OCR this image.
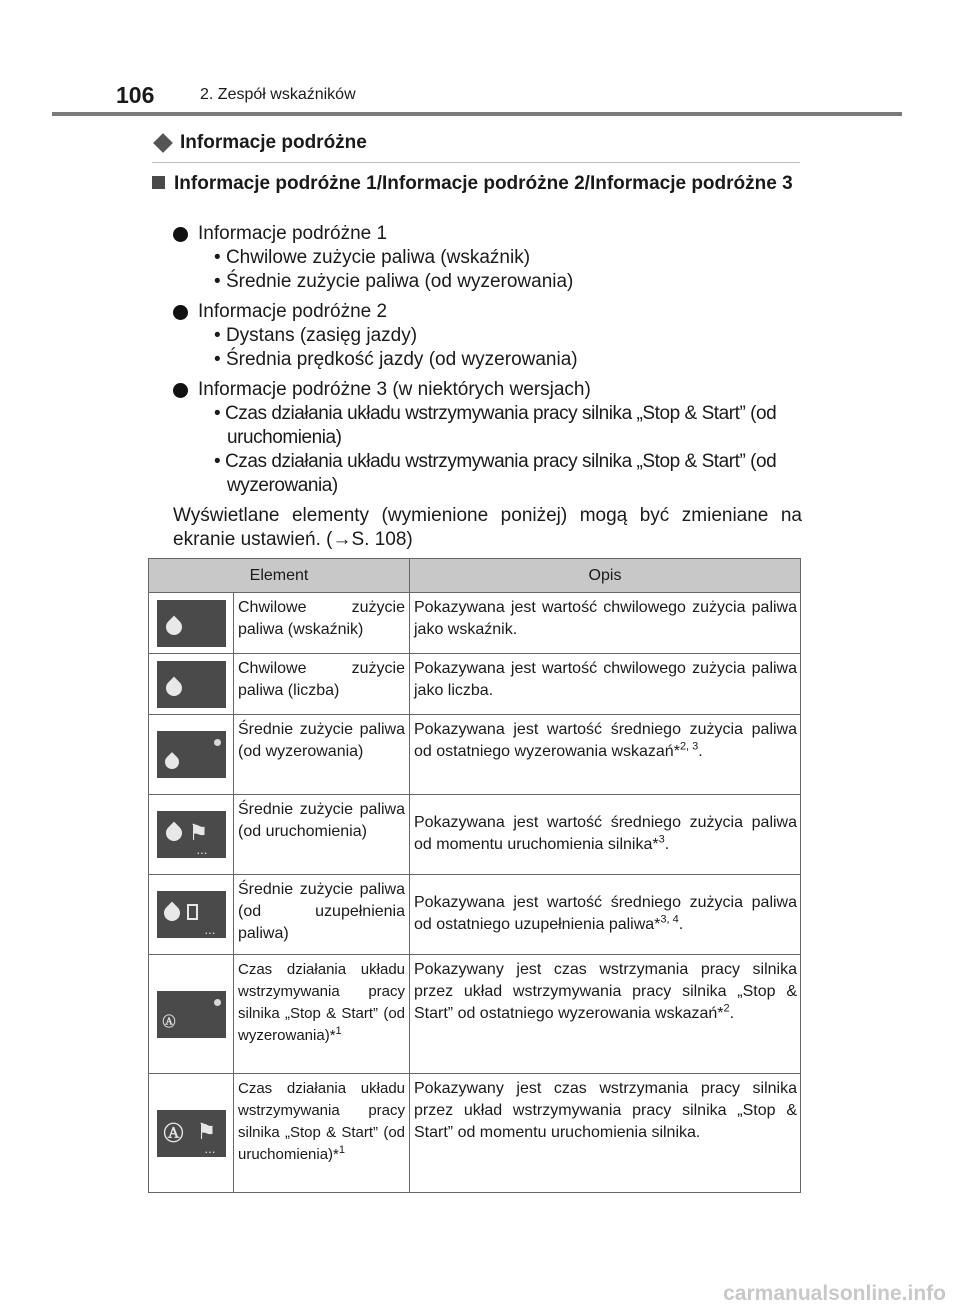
106	2. Zespół wskaźników
Informacje podróżne
Informacje podróżne 1/Informacje podróżne 2/Informacje podróżne 3
Informacje podróżne 1
• Chwilowe zużycie paliwa (wskaźnik)
• Średnie zużycie paliwa (od wyzerowania)
Informacje podróżne 2
• Dystans (zasięg jazdy)
• Średnia prędkość jazdy (od wyzerowania)
Informacje podróżne 3 (w niektórych wersjach)
• Czas działania układu wstrzymywania pracy silnika „Stop & Start” (od uruchomienia)
• Czas działania układu wstrzymywania pracy silnika „Stop & Start” (od wyzerowania)
Wyświetlane elementy (wymienione poniżej) mogą być zmieniane na ekranie ustawień. (→S. 108)
Element		Opis

	Chwilowe zużycie paliwa (wskaźnik)	Pokazywana jest wartość chwilowego zużycia paliwa jako wskaźnik.

	Chwilowe zużycie paliwa (liczba)	Pokazywana jest wartość chwilowego zużycia paliwa jako liczba.

	Średnie zużycie paliwa (od wyzerowania)	Pokazywana jest wartość średniego zużycia paliwa od ostatniego wyzerowania wskazań*$^{2, 3}$.

⚑
...	Średnie zużycie paliwa (od uruchomienia)	Pokazywana jest wartość średniego zużycia paliwa od momentu uruchomienia silnika*$^3$.

...	Średnie zużycie paliwa (od uzupełnienia paliwa)	Pokazywana jest wartość średniego zużycia paliwa od ostatniego uzupełnienia paliwa*$^{3, 4}$.

Ⓐ	Czas działania układu wstrzymywania pracy silnika „Stop & Start” (od wyzerowania)*$^1$	Pokazywany jest czas wstrzymania pracy silnika przez układ wstrzymywania pracy silnika „Stop & Start” od ostatniego wyzerowania wskazań*$^2$.

Ⓐ ⚑
...	Czas działania układu wstrzymywania pracy silnika „Stop & Start” (od uruchomienia)*$^1$	Pokazywany jest czas wstrzymania pracy silnika przez układ wstrzymywania pracy silnika „Stop & Start” od momentu uruchomienia silnika.
carmanualsonline.info
